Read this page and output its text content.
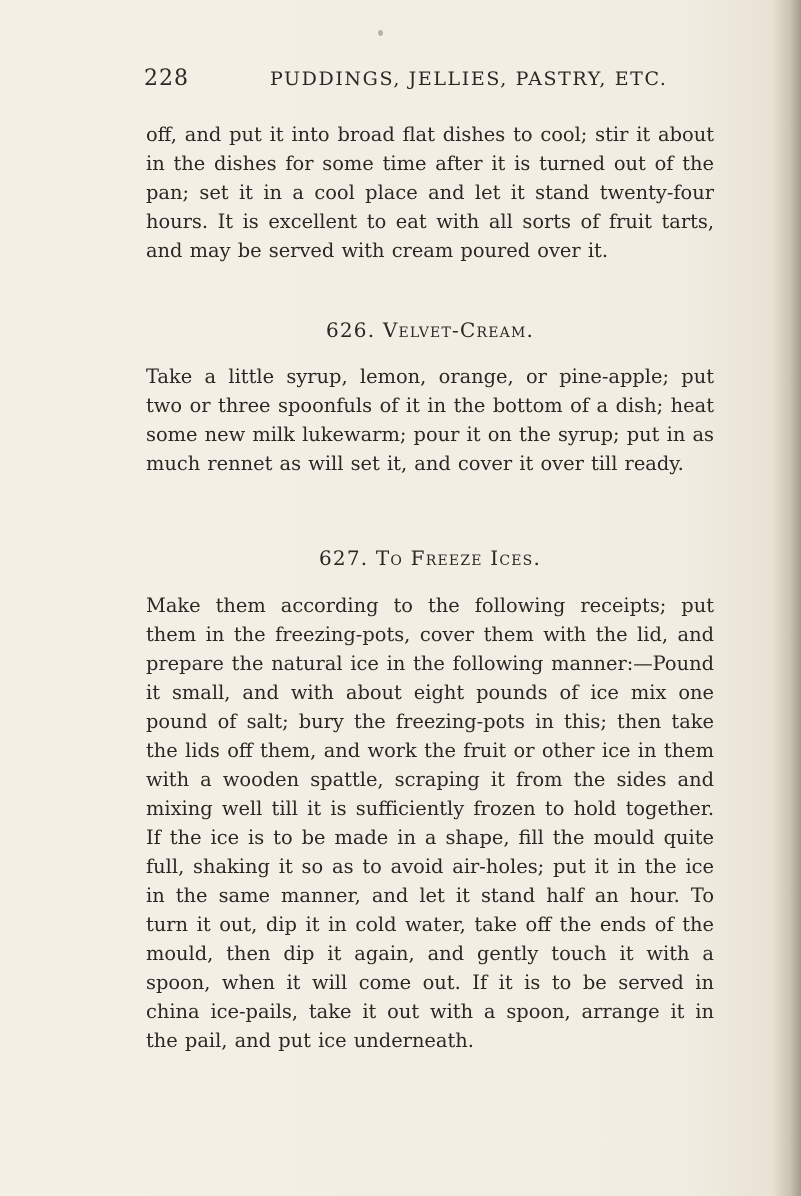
228	PUDDINGS, JELLIES, PASTRY, ETC.

off, and put it into broad flat dishes to cool; stir it about in the dishes for some time after it is turned out of the pan; set it in a cool place and let it stand twenty-four hours. It is excellent to eat with all sorts of fruit tarts, and may be served with cream poured over it.

626. Velvet-Cream.

Take a little syrup, lemon, orange, or pine-apple; put two or three spoonfuls of it in the bottom of a dish; heat some new milk lukewarm; pour it on the syrup; put in as much rennet as will set it, and cover it over till ready.

627. To Freeze Ices.

Make them according to the following receipts; put them in the freezing-pots, cover them with the lid, and prepare the natural ice in the following manner:—Pound it small, and with about eight pounds of ice mix one pound of salt; bury the freezing-pots in this; then take the lids off them, and work the fruit or other ice in them with a wooden spattle, scraping it from the sides and mixing well till it is sufficiently frozen to hold together. If the ice is to be made in a shape, fill the mould quite full, shaking it so as to avoid air-holes; put it in the ice in the same manner, and let it stand half an hour. To turn it out, dip it in cold water, take off the ends of the mould, then dip it again, and gently touch it with a spoon, when it will come out. If it is to be served in china ice-pails, take it out with a spoon, arrange it in the pail, and put ice underneath.
